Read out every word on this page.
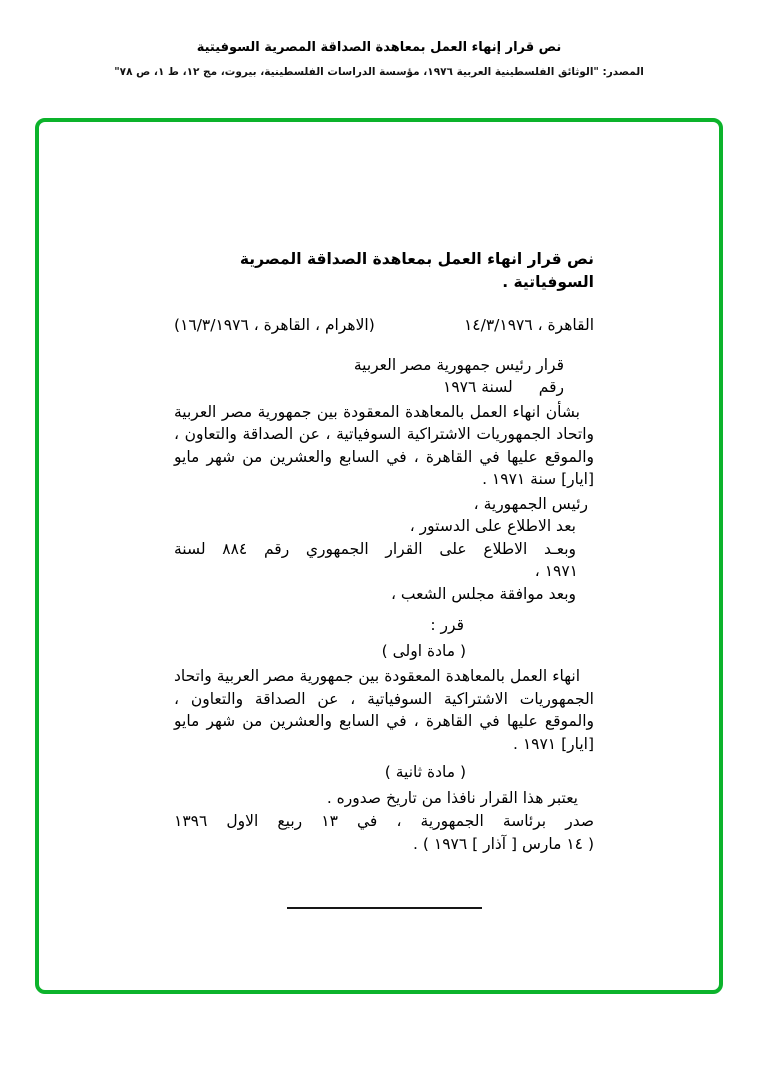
نص قرار إنهاء العمل بمعاهدة الصداقة المصرية السوفيتية
المصدر: "الوثائق الفلسطينية العربية ١٩٧٦، مؤسسة الدراسات الفلسطينية، بيروت، مج ١٢، ط ١، ص ٧٨"
نص قرار انهاء العمل بمعاهدة الصداقة المصرية السوفياتية .
القاهرة ، ١٤/٣/١٩٧٦
(الاهرام ، القاهرة ، ١٦/٣/١٩٧٦)
قرار رئيس جمهورية مصر العربية
رقم
لسنة ١٩٧٦

بشأن انهاء العمل بالمعاهدة المعقودة بين جمهورية مصر العربية واتحاد الجمهوريات الاشتراكية السوفياتية ، عن الصداقة والتعاون ، والموقع عليها في القاهرة ، في السابع والعشرين من شهر مايو [ايار] سنة ١٩٧١ .

رئيس الجمهورية ،
بعد الاطلاع على الدستور ،
وبعـد الاطلاع على القرار الجمهوري رقم ٨٨٤ لسنة
١٩٧١ ،
وبعد موافقة مجلس الشعب ،
قرر :
( مادة اولى )

انهاء العمل بالمعاهدة المعقودة بين جمهورية مصر العربية واتحاد الجمهوريات الاشتراكية السوفياتية ، عن الصداقة والتعاون ، والموقع عليها في القاهرة ، في السابع والعشرين من شهر مايو [ايار] ١٩٧١ .

( مادة ثانية )
يعتبر هذا القرار نافذا من تاريخ صدوره .
صدر برئاسة الجمهورية ، في ١٣ ربيع الاول ١٣٩٦
( ١٤ مارس [ آذار ] ١٩٧٦ ) .
